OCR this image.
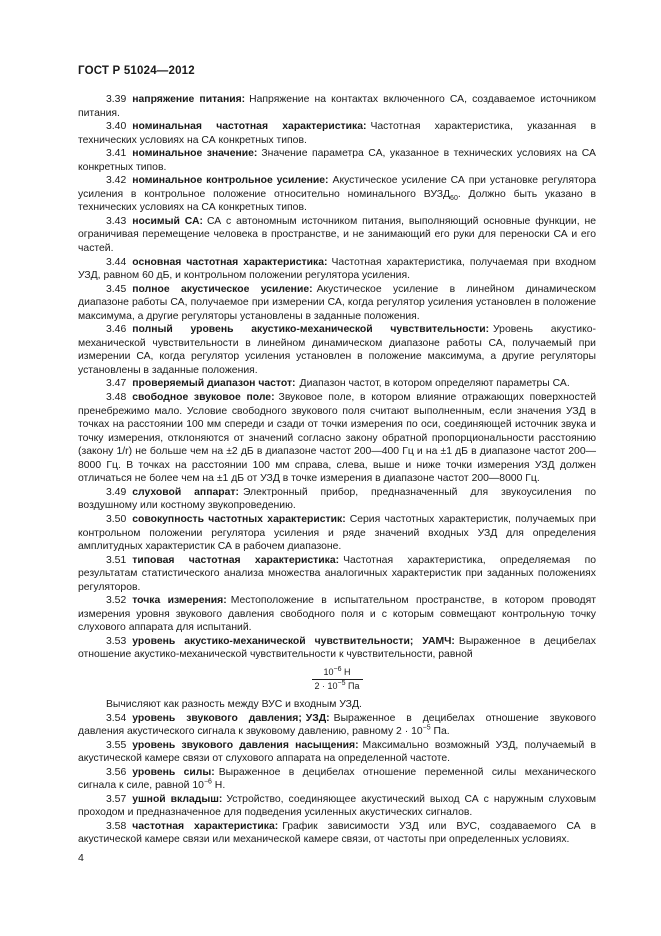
ГОСТ Р 51024—2012

3.39 напряжение питания: Напряжение на контактах включенного СА, создаваемое источником питания.

3.40 номинальная частотная характеристика: Частотная характеристика, указанная в технических условиях на СА конкретных типов.

3.41 номинальное значение: Значение параметра СА, указанное в технических условиях на СА конкретных типов.

3.42 номинальное контрольное усиление: Акустическое усиление СА при установке регулятора усиления в контрольное положение относительно номинального $ВУЗД_{60}$. Должно быть указано в технических условиях на СА конкретных типов.

3.43 носимый СА: СА с автономным источником питания, выполняющий основные функции, не ограничивая перемещение человека в пространстве, и не занимающий его руки для переноски СА и его частей.

3.44 основная частотная характеристика: Частотная характеристика, получаемая при входном УЗД, равном 60 дБ, и контрольном положении регулятора усиления.

3.45 полное акустическое усиление: Акустическое усиление в линейном динамическом диапазоне работы СА, получаемое при измерении СА, когда регулятор усиления установлен в положение максимума, а другие регуляторы установлены в заданные положения.

3.46 полный уровень акустико-механической чувствительности: Уровень акустико-механической чувствительности в линейном динамическом диапазоне работы СА, получаемый при измерении СА, когда регулятор усиления установлен в положение максимума, а другие регуляторы установлены в заданные положения.

3.47 проверяемый диапазон частот: Диапазон частот, в котором определяют параметры СА.

3.48 свободное звуковое поле: Звуковое поле, в котором влияние отражающих поверхностей пренебрежимо мало. Условие свободного звукового поля считают выполненным, если значения УЗД в точках на расстоянии 100 мм спереди и сзади от точки измерения по оси, соединяющей источник звука и точку измерения, отклоняются от значений согласно закону обратной пропорциональности расстоянию (закону 1/r) не больше чем на ±2 дБ в диапазоне частот 200—400 Гц и на ±1 дБ в диапазоне частот 200—8000 Гц. В точках на расстоянии 100 мм справа, слева, выше и ниже точки измерения УЗД должен отличаться не более чем на ±1 дБ от УЗД в точке измерения в диапазоне частот 200—8000 Гц.

3.49 слуховой аппарат: Электронный прибор, предназначенный для звукоусиления по воздушному или костному звукопроведению.

3.50 совокупность частотных характеристик: Серия частотных характеристик, получаемых при контрольном положении регулятора усиления и ряде значений входных УЗД для определения амплитудных характеристик СА в рабочем диапазоне.

3.51 типовая частотная характеристика: Частотная характеристика, определяемая по результатам статистического анализа множества аналогичных характеристик при заданных положениях регуляторов.

3.52 точка измерения: Местоположение в испытательном пространстве, в котором проводят измерения уровня звукового давления свободного поля и с которым совмещают контрольную точку слухового аппарата для испытаний.

3.53 уровень акустико-механической чувствительности; УАМЧ: Выраженное в децибелах отношение акустико-механической чувствительности к чувствительности, равной

$\frac{10^{-6} Н}{2 \cdot 10^{-5} Па}$

Вычисляют как разность между ВУС и входным УЗД.

3.54 уровень звукового давления; УЗД: Выраженное в децибелах отношение звукового давления акустического сигнала к звуковому давлению, равному $2 \cdot 10^{-5}$ Па.

3.55 уровень звукового давления насыщения: Максимально возможный УЗД, получаемый в акустической камере связи от слухового аппарата на определенной частоте.

3.56 уровень силы: Выраженное в децибелах отношение переменной силы механического сигнала к силе, равной $10^{-6}$ Н.

3.57 ушной вкладыш: Устройство, соединяющее акустический выход СА с наружным слуховым проходом и предназначенное для подведения усиленных акустических сигналов.

3.58 частотная характеристика: График зависимости УЗД или ВУС, создаваемого СА в акустической камере связи или механической камере связи, от частоты при определенных условиях.

4
